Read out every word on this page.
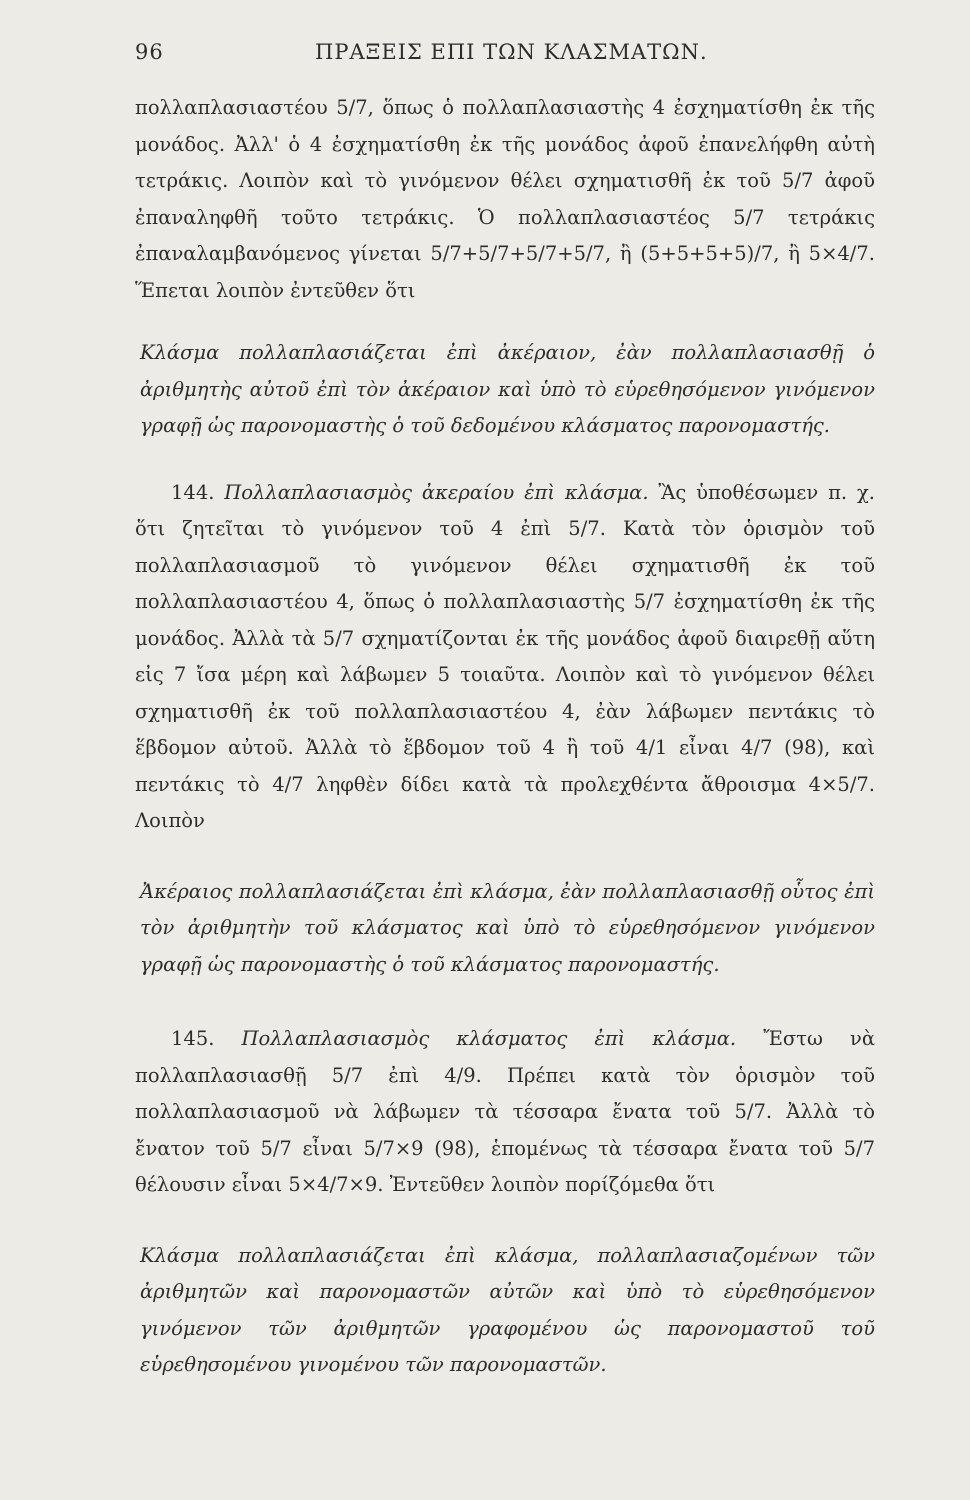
96	ΠΡΑΞΕΙΣ ΕΠΙ ΤΩΝ ΚΛΑΣΜΑΤΩΝ.

πολλαπλασιαστέου 5/7, ὅπως ὁ πολλαπλασιαστὴς 4 ἐσχηματίσθη ἐκ τῆς μονάδος. Ἀλλ' ὁ 4 ἐσχηματίσθη ἐκ τῆς μονάδος ἀφοῦ ἐπανελήφθη αὐτὴ τετράκις. Λοιπὸν καὶ τὸ γινόμενον θέλει σχηματισθῆ ἐκ τοῦ 5/7 ἀφοῦ ἐπαναληφθῆ τοῦτο τετράκις. Ὁ πολλαπλασιαστέος 5/7 τετράκις ἐπαναλαμβανόμενος γίνεται 5/7+5/7+5/7+5/7, ἢ (5+5+5+5)/7, ἢ 5×4/7. Ἕπεται λοιπὸν ἐντεῦθεν ὅτι

Κλάσμα πολλαπλασιάζεται ἐπὶ ἀκέραιον, ἐὰν πολλαπλασιασθῇ ὁ ἀριθμητὴς αὐτοῦ ἐπὶ τὸν ἀκέραιον καὶ ὑπὸ τὸ εὑρεθησόμενον γινόμενον γραφῇ ὡς παρονομαστὴς ὁ τοῦ δεδομένου κλάσματος παρονομαστής.

144. Πολλαπλασιασμὸς ἀκεραίου ἐπὶ κλάσμα. Ἂς ὑποθέσωμεν π. χ. ὅτι ζητεῖται τὸ γινόμενον τοῦ 4 ἐπὶ 5/7. Κατὰ τὸν ὁρισμὸν τοῦ πολλαπλασιασμοῦ τὸ γινόμενον θέλει σχηματισθῆ ἐκ τοῦ πολλαπλασιαστέου 4, ὅπως ὁ πολλαπλασιαστὴς 5/7 ἐσχηματίσθη ἐκ τῆς μονάδος. Ἀλλὰ τὰ 5/7 σχηματίζονται ἐκ τῆς μονάδος ἀφοῦ διαιρεθῇ αὕτη εἰς 7 ἴσα μέρη καὶ λάβωμεν 5 τοιαῦτα. Λοιπὸν καὶ τὸ γινόμενον θέλει σχηματισθῆ ἐκ τοῦ πολλαπλασιαστέου 4, ἐὰν λάβωμεν πεντάκις τὸ ἕβδομον αὐτοῦ. Ἀλλὰ τὸ ἕβδομον τοῦ 4 ἢ τοῦ 4/1 εἶναι 4/7 (98), καὶ πεντάκις τὸ 4/7 ληφθὲν δίδει κατὰ τὰ προλεχθέντα ἄθροισμα 4×5/7. Λοιπὸν

Ἀκέραιος πολλαπλασιάζεται ἐπὶ κλάσμα, ἐὰν πολλαπλασιασθῇ οὗτος ἐπὶ τὸν ἀριθμητὴν τοῦ κλάσματος καὶ ὑπὸ τὸ εὑρεθησόμενον γινόμενον γραφῇ ὡς παρονομαστὴς ὁ τοῦ κλάσματος παρονομαστής.

145. Πολλαπλασιασμὸς κλάσματος ἐπὶ κλάσμα. Ἔστω νὰ πολλαπλασιασθῇ 5/7 ἐπὶ 4/9. Πρέπει κατὰ τὸν ὁρισμὸν τοῦ πολλαπλασιασμοῦ νὰ λάβωμεν τὰ τέσσαρα ἔνατα τοῦ 5/7. Ἀλλὰ τὸ ἔνατον τοῦ 5/7 εἶναι 5/7×9 (98), ἑπομένως τὰ τέσσαρα ἔνατα τοῦ 5/7 θέλουσιν εἶναι 5×4/7×9. Ἐντεῦθεν λοιπὸν πορίζόμεθα ὅτι

Κλάσμα πολλαπλασιάζεται ἐπὶ κλάσμα, πολλαπλασιαζομένων τῶν ἀριθμητῶν καὶ παρονομαστῶν αὐτῶν καὶ ὑπὸ τὸ εὑρεθησόμενον γινόμενον τῶν ἀριθμητῶν γραφομένου ὡς παρονομαστοῦ τοῦ εὑρεθησομένου γινομένου τῶν παρονομαστῶν.
